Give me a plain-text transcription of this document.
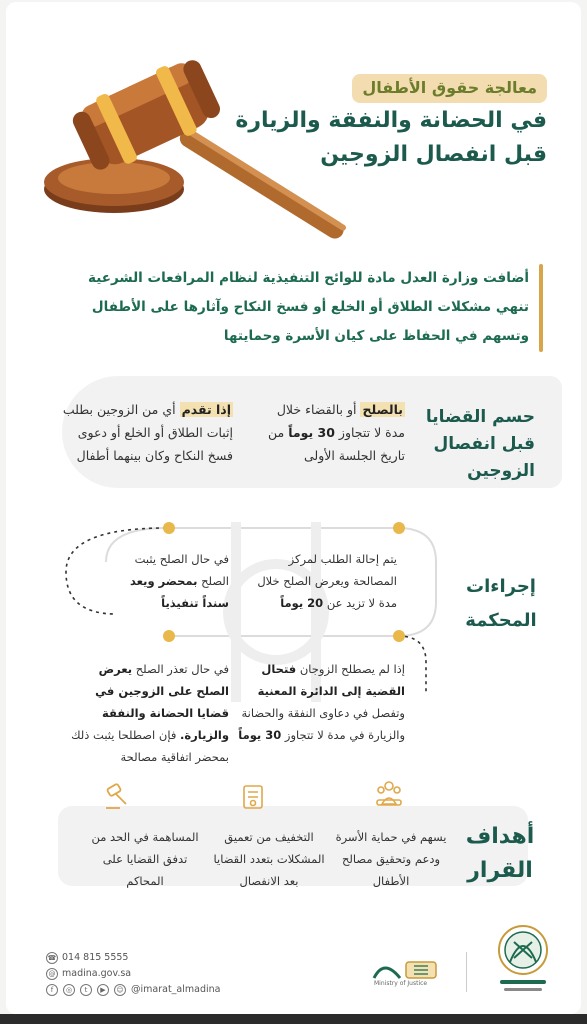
معالجة حقوق الأطفال
في الحضانة والنفقة والزيارة
قبل انفصال الزوجين
أضافت وزارة العدل مادة للوائح التنفيذية لنظام المرافعات الشرعية تنهي مشكلات الطلاق أو الخلع أو فسخ النكاح وآثارها على الأطفال وتسهم في الحفاظ على كيان الأسرة وحمايتها
حسم القضايا قبل انفصال الزوجين
بالصلح أو بالقضاء خلال مدة لا تتجاوز 30 يوماً من تاريخ الجلسة الأولى
إذا تقدم أي من الزوجين بطلب إثبات الطلاق أو الخلع أو دعوى فسخ النكاح وكان بينهما أطفال
إجراءات المحكمة
يتم إحالة الطلب لمركز المصالحة ويعرض الصلح خلال مدة لا تزيد عن 20 يوماً
في حال الصلح يثبت الصلح بمحضر ويعد سنداً تنفيذياً
إذا لم يصطلح الزوجان فتحال القضية إلى الدائرة المعنية وتفصل في دعاوى النفقة والحضانة والزيارة في مدة لا تتجاوز 30 يوماً
في حال تعذر الصلح يعرض الصلح على الزوجين في قضايا الحضانة والنفقة والزيارة. فإن اصطلحا يثبت ذلك بمحضر اتفاقية مصالحة
أهداف القرار
يسهم في حماية الأسرة ودعم وتحقيق مصالح الأطفال
التخفيف من تعميق المشكلات بتعدد القضايا بعد الانفصال
المساهمة في الحد من تدفق القضايا على المحاكم
☎ 014 815 5555
@ madina.gov.sa
f	◎	t	▶	☺ @imarat_almadina
Ministry of Justice
